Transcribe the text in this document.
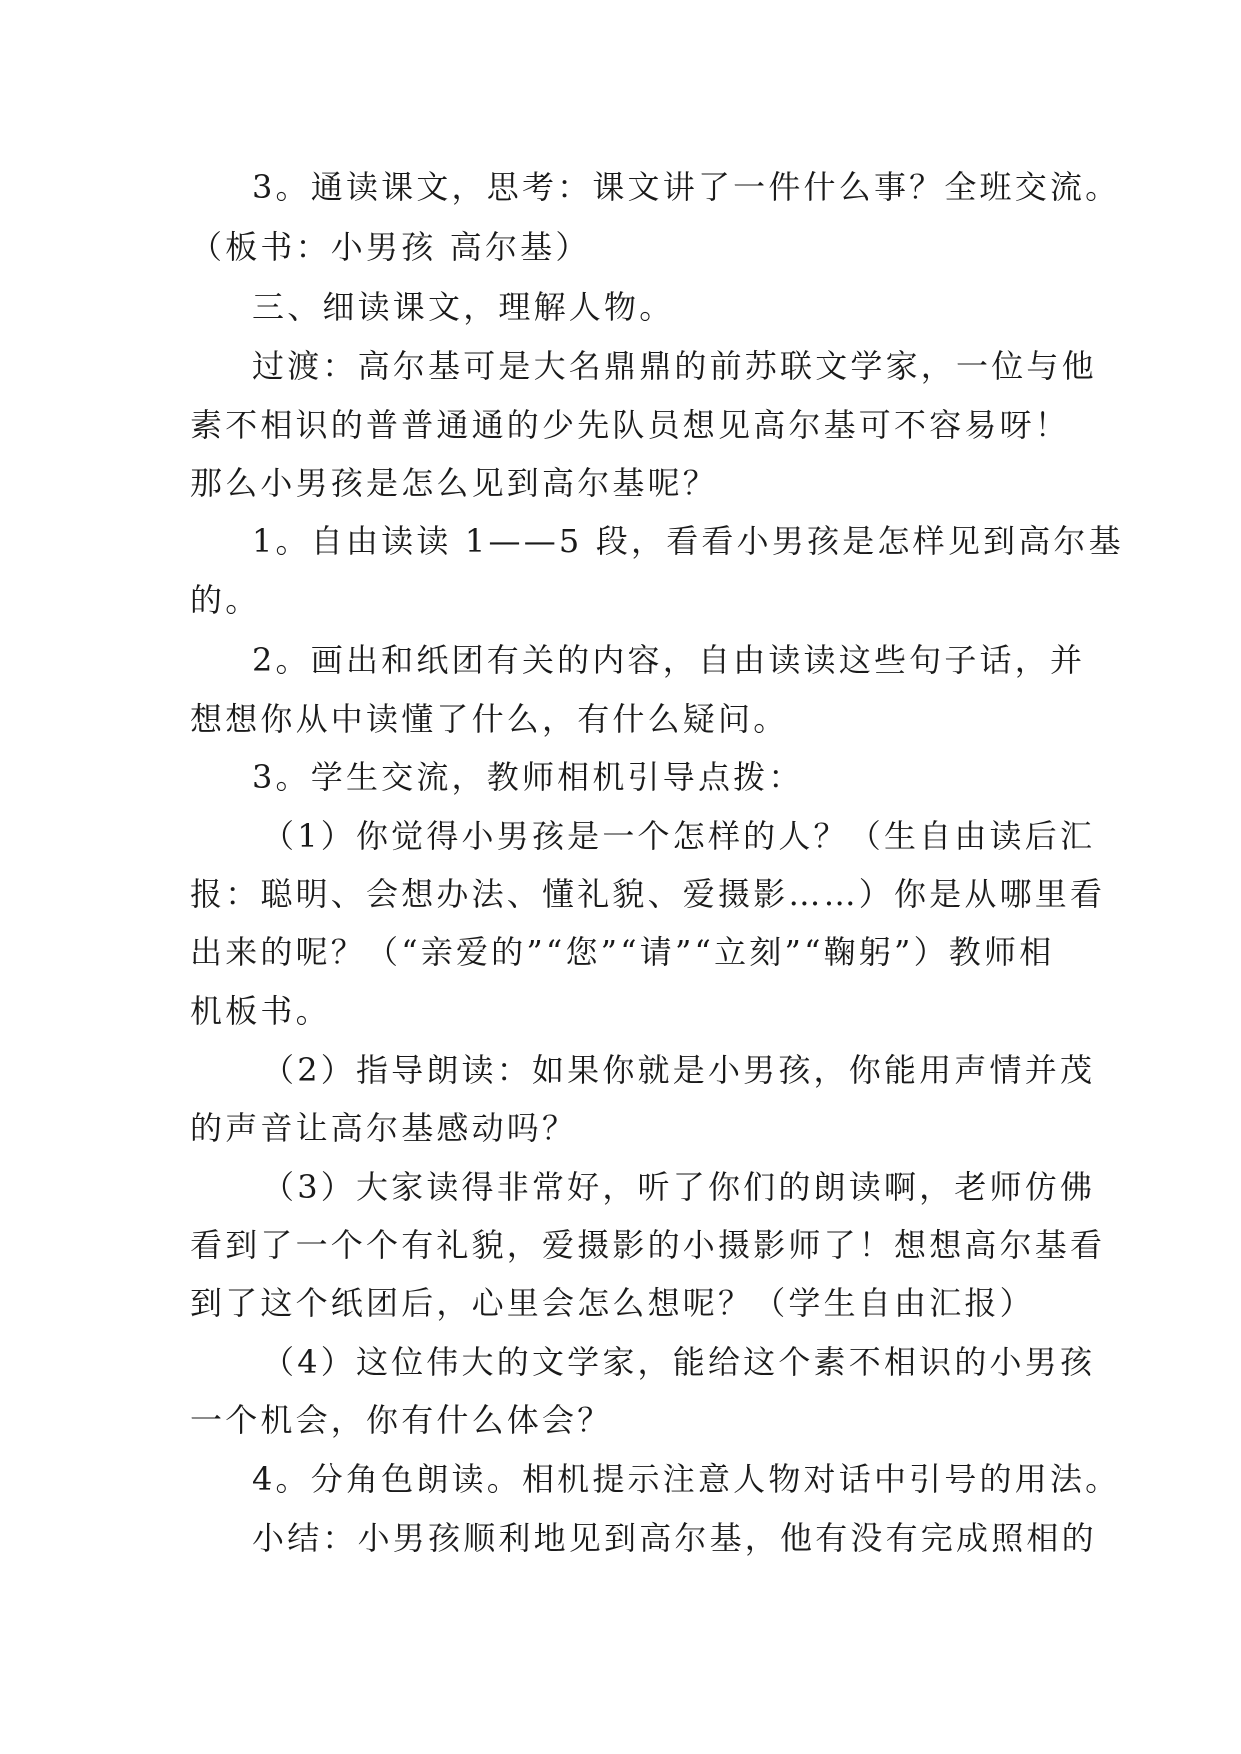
3。通读课文，思考：课文讲了一件什么事？全班交流。
（板书：小男孩 高尔基）
三、细读课文，理解人物。
过渡：高尔基可是大名鼎鼎的前苏联文学家，一位与他
素不相识的普普通通的少先队员想见高尔基可不容易呀！
那么小男孩是怎么见到高尔基呢？
1。自由读读 1——5 段，看看小男孩是怎样见到高尔基
的。
2。画出和纸团有关的内容，自由读读这些句子话，并
想想你从中读懂了什么，有什么疑问。
3。学生交流，教师相机引导点拨：
（1）你觉得小男孩是一个怎样的人？（生自由读后汇
报：聪明、会想办法、懂礼貌、爱摄影……）你是从哪里看
出来的呢？（“亲爱的”“您”“请”“立刻”“鞠躬”）教师相
机板书。
（2）指导朗读：如果你就是小男孩，你能用声情并茂
的声音让高尔基感动吗？
（3）大家读得非常好，听了你们的朗读啊，老师仿佛
看到了一个个有礼貌，爱摄影的小摄影师了！想想高尔基看
到了这个纸团后，心里会怎么想呢？（学生自由汇报）
（4）这位伟大的文学家，能给这个素不相识的小男孩
一个机会，你有什么体会？
4。分角色朗读。相机提示注意人物对话中引号的用法。
小结：小男孩顺利地见到高尔基，他有没有完成照相的
